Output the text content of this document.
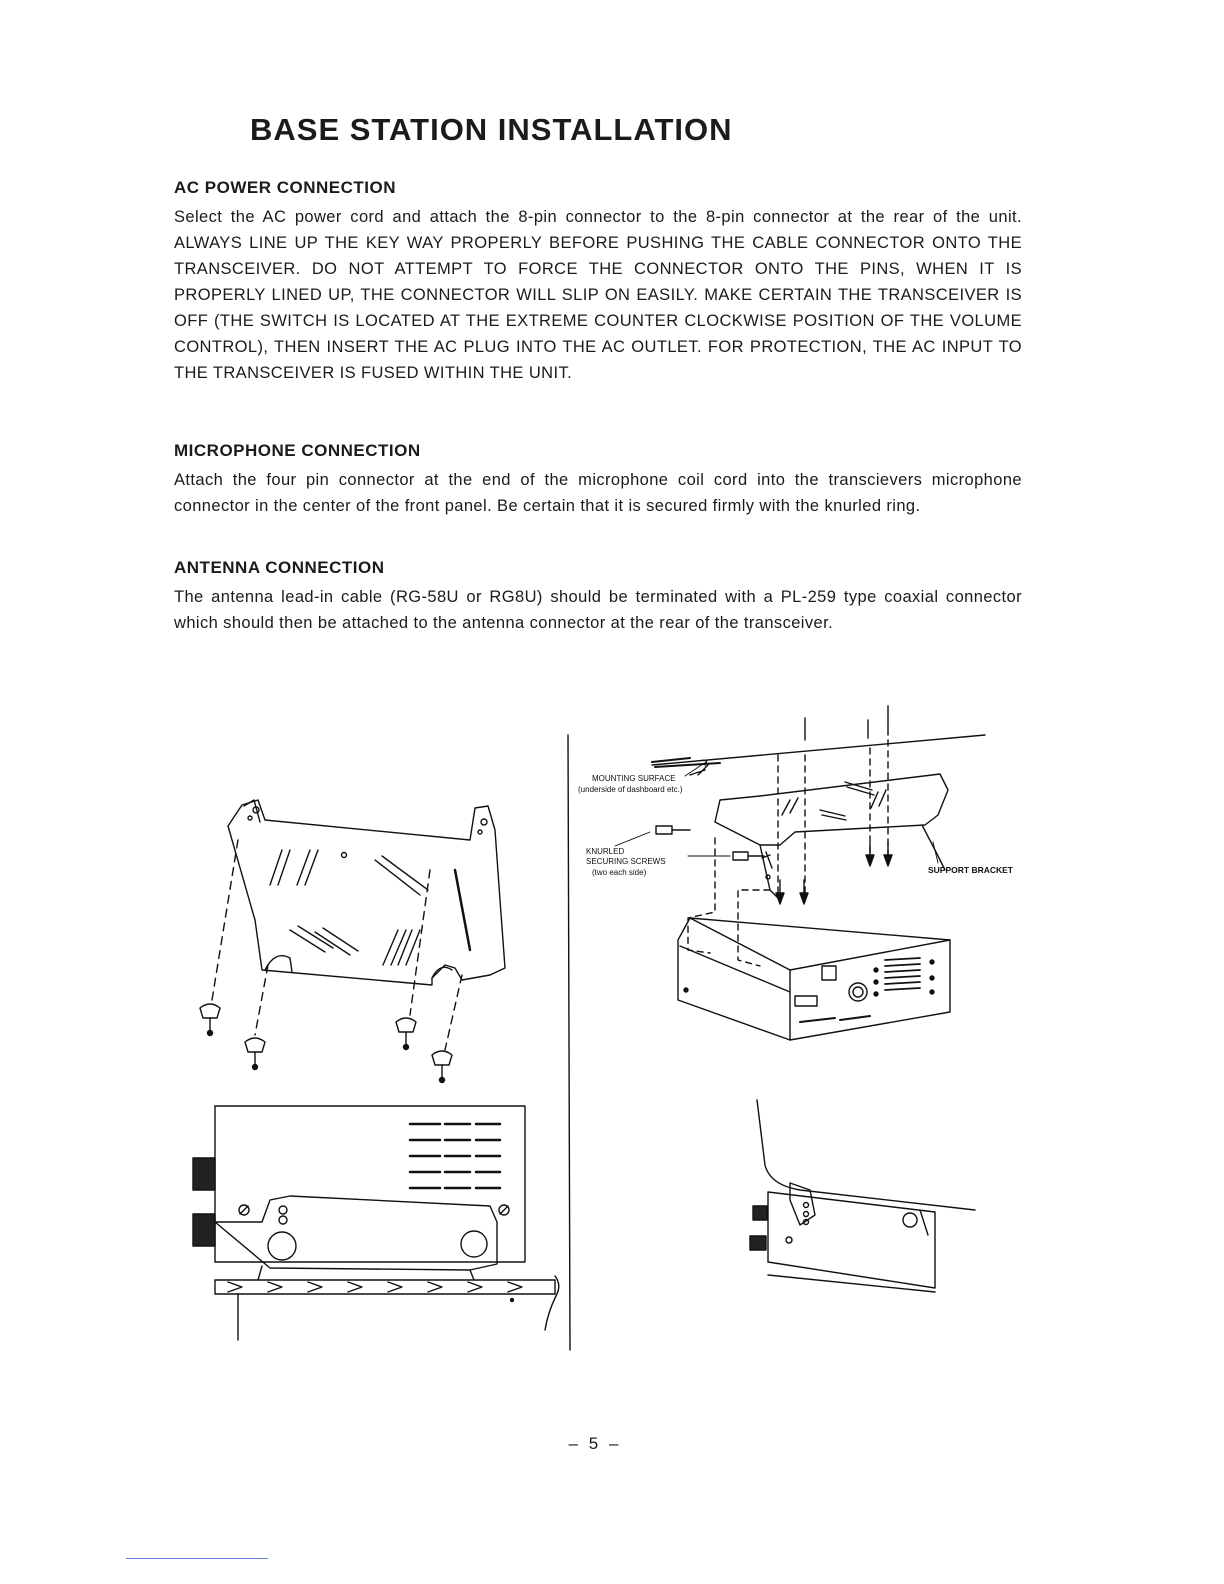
BASE STATION INSTALLATION
AC POWER CONNECTION

Select the AC power cord and attach the 8-pin connector to the 8-pin connector at the rear of the unit. ALWAYS LINE UP THE KEY WAY PROPERLY BEFORE PUSHING THE CABLE CONNECTOR ONTO THE TRANSCEIVER. DO NOT ATTEMPT TO FORCE THE CONNECTOR ONTO THE PINS, WHEN IT IS PROPERLY LINED UP, THE CONNECTOR WILL SLIP ON EASILY. MAKE CERTAIN THE TRANSCEIVER IS OFF (THE SWITCH IS LOCATED AT THE EXTREME COUNTER CLOCKWISE POSITION OF THE VOLUME CONTROL), THEN INSERT THE AC PLUG INTO THE AC OUTLET. FOR PROTECTION, THE AC INPUT TO THE TRANSCEIVER IS FUSED WITHIN THE UNIT.

MICROPHONE CONNECTION

Attach the four pin connector at the end of the microphone coil cord into the transcievers microphone connector in the center of the front panel. Be certain that it is secured firmly with the knurled ring.

ANTENNA CONNECTION

The antenna lead-in cable (RG-58U or RG8U) should be terminated with a PL-259 type coaxial connector which should then be attached to the antenna connector at the rear of the transceiver.

MOUNTING SURFACE
(underside of dashboard etc.)
KNURLED
SECURING SCREWS
(two each side)	SUPPORT BRACKET
– 5 –
